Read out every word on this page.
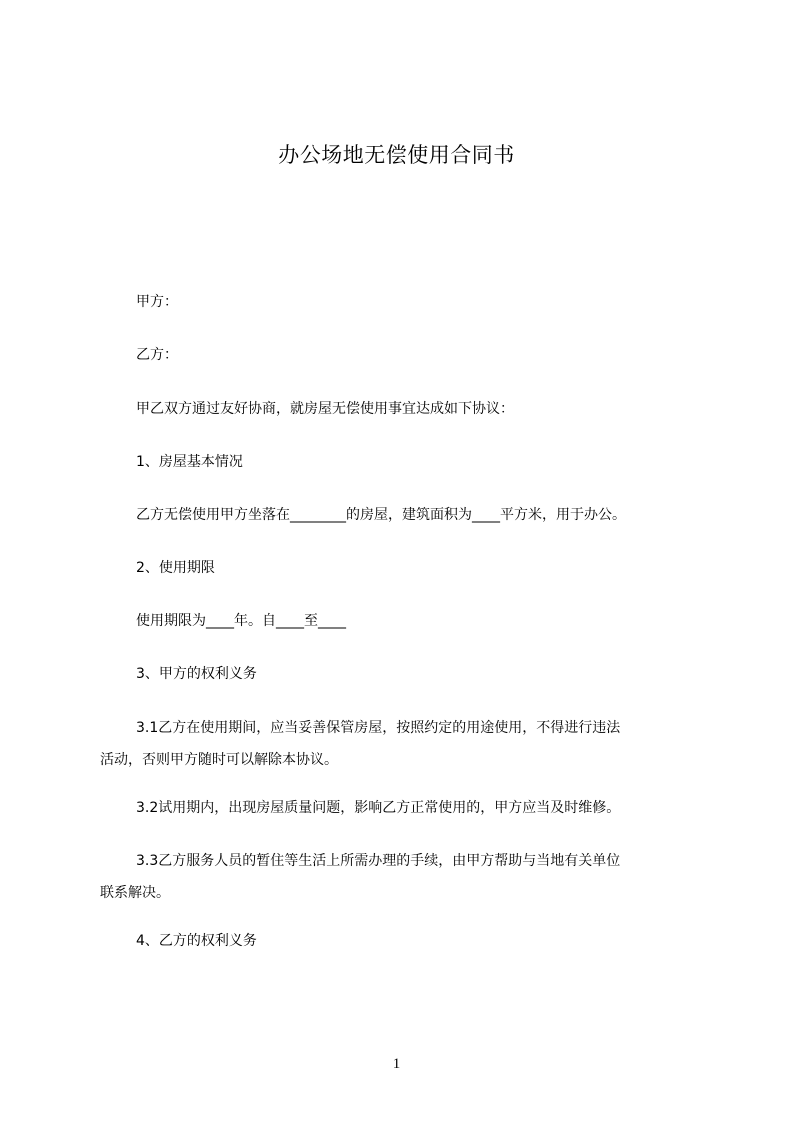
办公场地无偿使用合同书
甲方：
乙方：
甲乙双方通过友好协商，就房屋无偿使用事宜达成如下协议：
1、房屋基本情况
乙方无偿使用甲方坐落在________的房屋，建筑面积为____平方米，用于办公。
2、使用期限
使用期限为____年。自____至____
3、甲方的权利义务
3.1乙方在使用期间，应当妥善保管房屋，按照约定的用途使用，不得进行违法
活动，否则甲方随时可以解除本协议。
3.2试用期内，出现房屋质量问题，影响乙方正常使用的，甲方应当及时维修。
3.3乙方服务人员的暂住等生活上所需办理的手续，由甲方帮助与当地有关单位
联系解决。
4、乙方的权利义务
1
